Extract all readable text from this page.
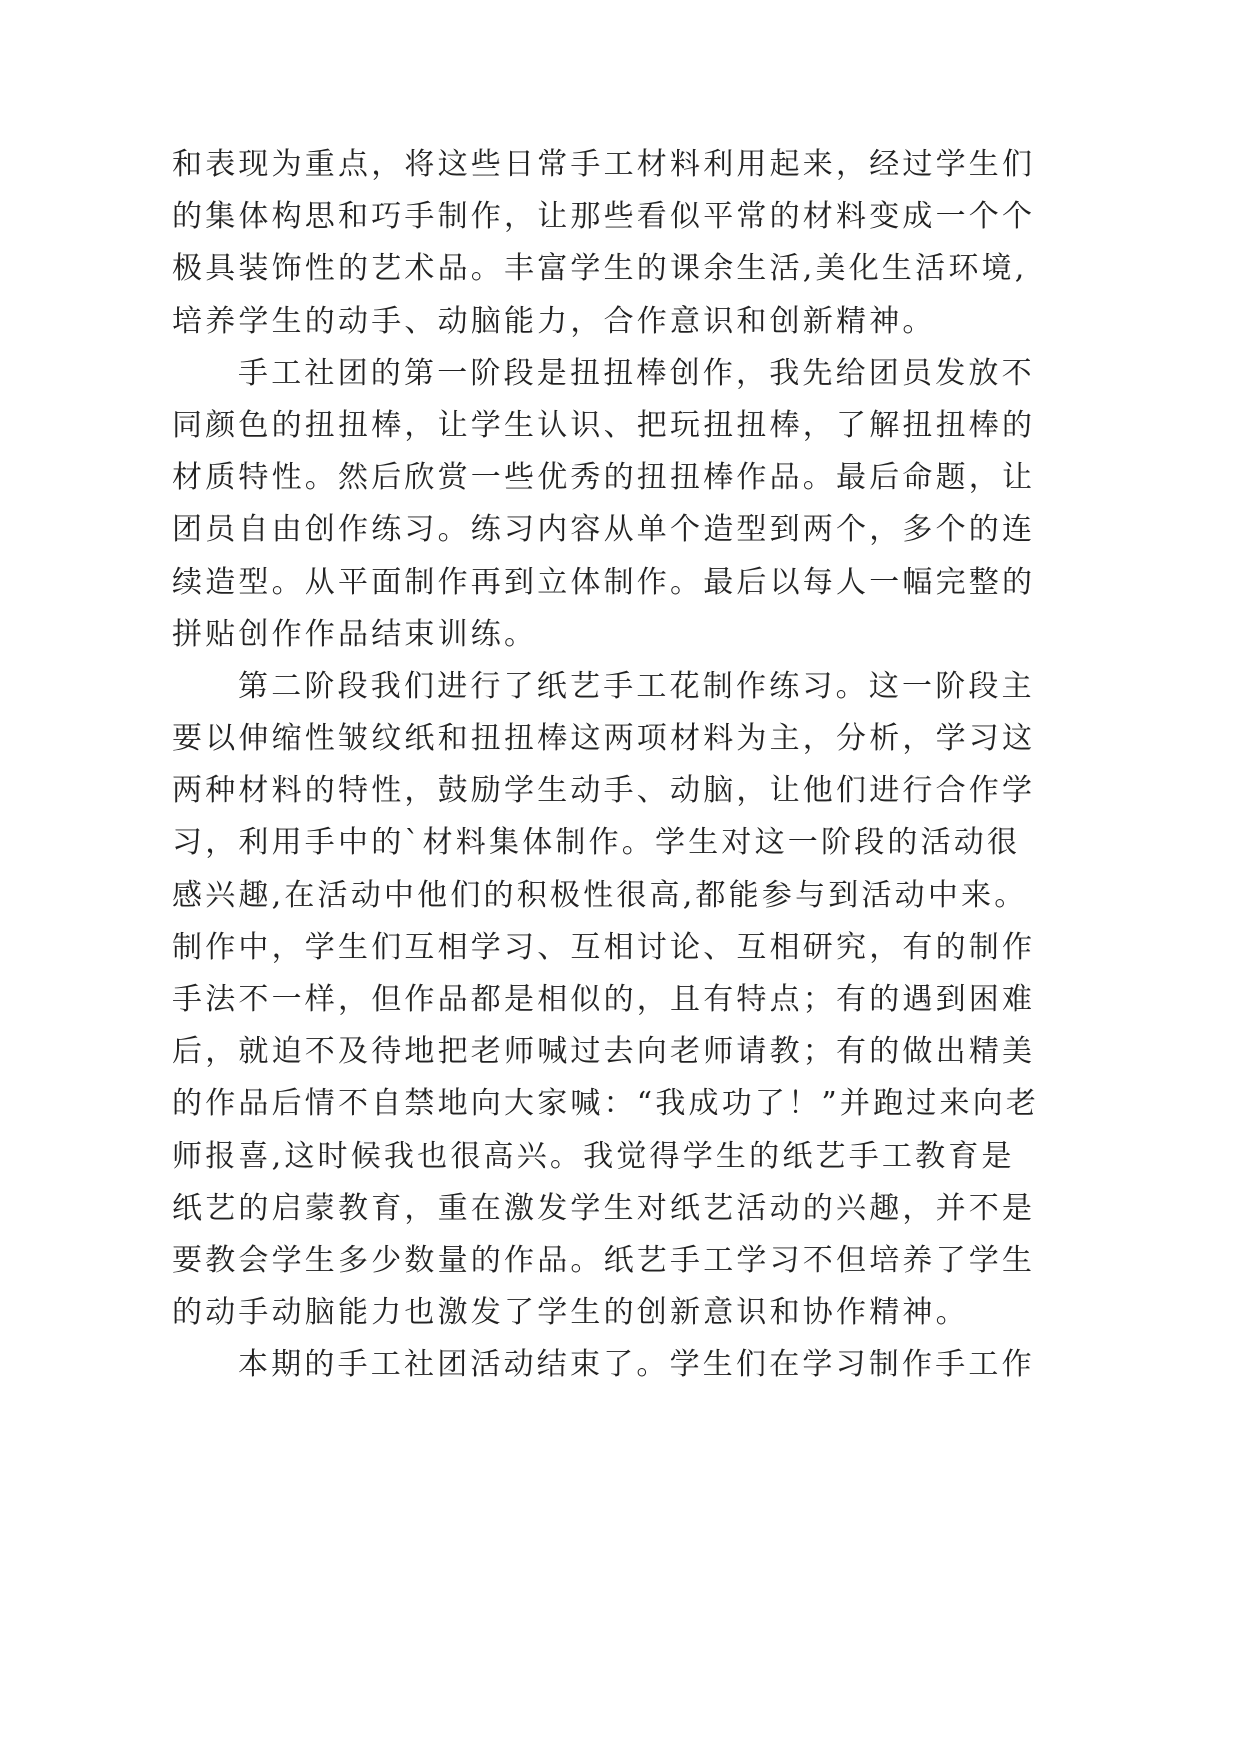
和表现为重点，将这些日常手工材料利用起来，经过学生们
的集体构思和巧手制作，让那些看似平常的材料变成一个个
极具装饰性的艺术品。丰富学生的课余生活,美化生活环境,
培养学生的动手、动脑能力，合作意识和创新精神。
手工社团的第一阶段是扭扭棒创作，我先给团员发放不
同颜色的扭扭棒，让学生认识、把玩扭扭棒，了解扭扭棒的
材质特性。然后欣赏一些优秀的扭扭棒作品。最后命题，让
团员自由创作练习。练习内容从单个造型到两个，多个的连
续造型。从平面制作再到立体制作。最后以每人一幅完整的
拼贴创作作品结束训练。
第二阶段我们进行了纸艺手工花制作练习。这一阶段主
要以伸缩性皱纹纸和扭扭棒这两项材料为主，分析，学习这
两种材料的特性，鼓励学生动手、动脑，让他们进行合作学
习，利用手中的`材料集体制作。学生对这一阶段的活动很
感兴趣,在活动中他们的积极性很高,都能参与到活动中来。
制作中，学生们互相学习、互相讨论、互相研究，有的制作
手法不一样，但作品都是相似的，且有特点；有的遇到困难
后，就迫不及待地把老师喊过去向老师请教；有的做出精美
的作品后情不自禁地向大家喊：“我成功了！”并跑过来向老
师报喜,这时候我也很高兴。我觉得学生的纸艺手工教育是
纸艺的启蒙教育，重在激发学生对纸艺活动的兴趣，并不是
要教会学生多少数量的作品。纸艺手工学习不但培养了学生
的动手动脑能力也激发了学生的创新意识和协作精神。
本期的手工社团活动结束了。学生们在学习制作手工作
